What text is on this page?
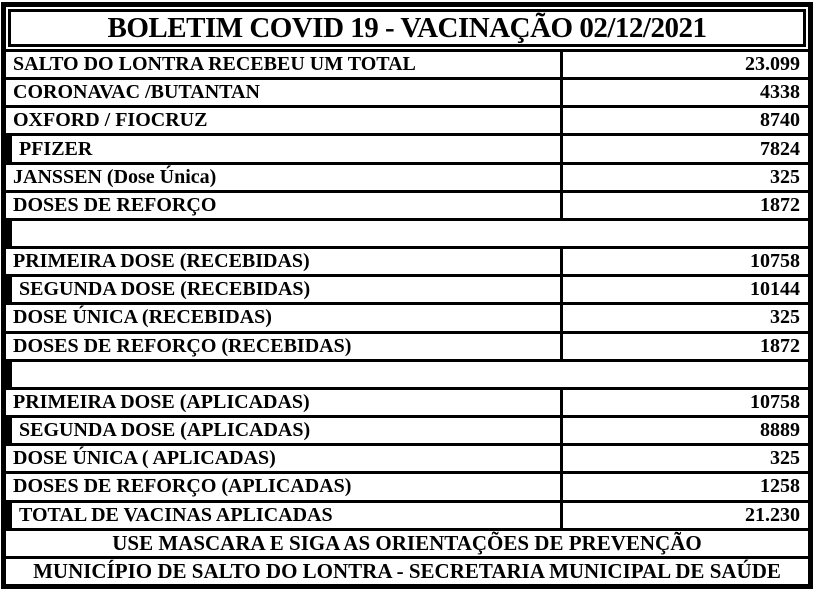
BOLETIM COVID 19 - VACINAÇÃO 02/12/2021
SALTO DO LONTRA RECEBEU UM TOTAL	23.099
CORONAVAC /BUTANTAN	4338
OXFORD / FIOCRUZ	8740
PFIZER	7824
JANSSEN (Dose Única)	325
DOSES DE REFORÇO	1872
PRIMEIRA DOSE (RECEBIDAS)	10758
SEGUNDA DOSE (RECEBIDAS)	10144
DOSE ÚNICA (RECEBIDAS)	325
DOSES DE REFORÇO (RECEBIDAS)	1872
PRIMEIRA DOSE (APLICADAS)	10758
SEGUNDA DOSE (APLICADAS)	8889
DOSE ÚNICA ( APLICADAS)	325
DOSES DE REFORÇO (APLICADAS)	1258
TOTAL DE VACINAS APLICADAS	21.230
USE MASCARA E SIGA AS ORIENTAÇÕES DE PREVENÇÃO
MUNICÍPIO DE SALTO DO LONTRA - SECRETARIA MUNICIPAL DE SAÚDE
